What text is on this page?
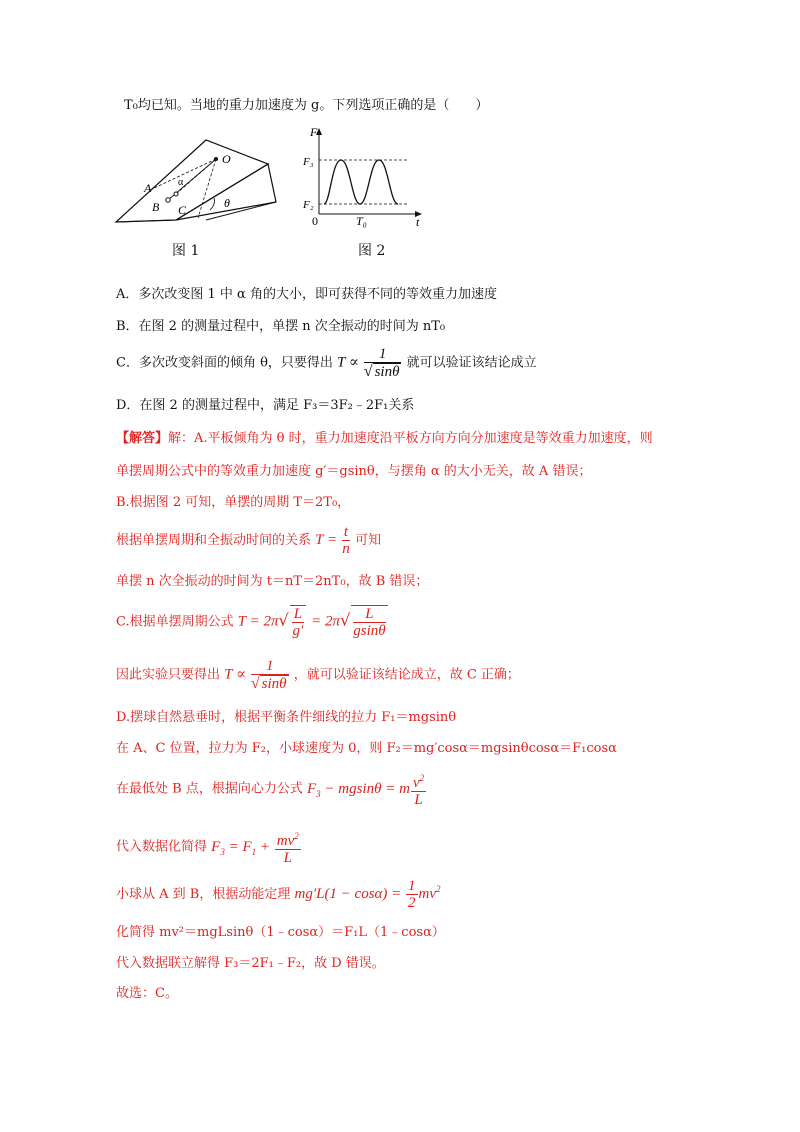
T₀均已知。当地的重力加速度为 g。下列选项正确的是（　　）
O
A
B C
α
θ
图 1
F
F₃
F₂
0	T₀	t
图 2
A．多次改变图 1 中 α 角的大小，即可获得不同的等效重力加速度
B．在图 2 的测量过程中，单摆 n 次全振动的时间为 nT₀
C．多次改变斜面的倾角 θ，只要得出 $T \propto \frac{1}{√ \sin\theta}$ 就可以验证该结论成立
D．在图 2 的测量过程中，满足 F₃＝3F₂﹣2F₁关系
【解答】解：A.平板倾角为 θ 时，重力加速度沿平板方向方向分加速度是等效重力加速度，则
单摆周期公式中的等效重力加速度 g′＝gsinθ，与摆角 α 的大小无关，故 A 错误；
B.根据图 2 可知，单摆的周期 T＝2T₀，
根据单摆周期和全振动时间的关系 $T = \frac{t}{n}$ 可知
单摆 n 次全振动的时间为 t＝nT＝2nT₀，故 B 错误；
C.根据单摆周期公式 $T = 2\pi√ \frac{L}{g'} = 2\pi√ \frac{L}{gsin\theta}$
因此实验只要得出 $T \propto \frac{1}{√ \sin\theta}$ ，就可以验证该结论成立，故 C 正确；
D.摆球自然悬垂时，根据平衡条件细线的拉力 F₁＝mgsinθ
在 A、C 位置，拉力为 F₂，小球速度为 0，则 F₂＝mg′cosα＝mgsinθcosα＝F₁cosα
在最低处 B 点，根据向心力公式 $F_3 - mgsin\theta = m \frac{v^2}{L}$
代入数据化简得 $F_3 = F_1 + \frac{mv^2}{L}$
小球从 A 到 B，根据动能定理 $mg'L(1 - \cos\alpha) = \frac{1}{2} mv^2$
化简得 mv²＝mgLsinθ（1﹣cosα）＝F₁L（1﹣cosα）
代入数据联立解得 F₃＝2F₁﹣F₂，故 D 错误。
故选：C。
